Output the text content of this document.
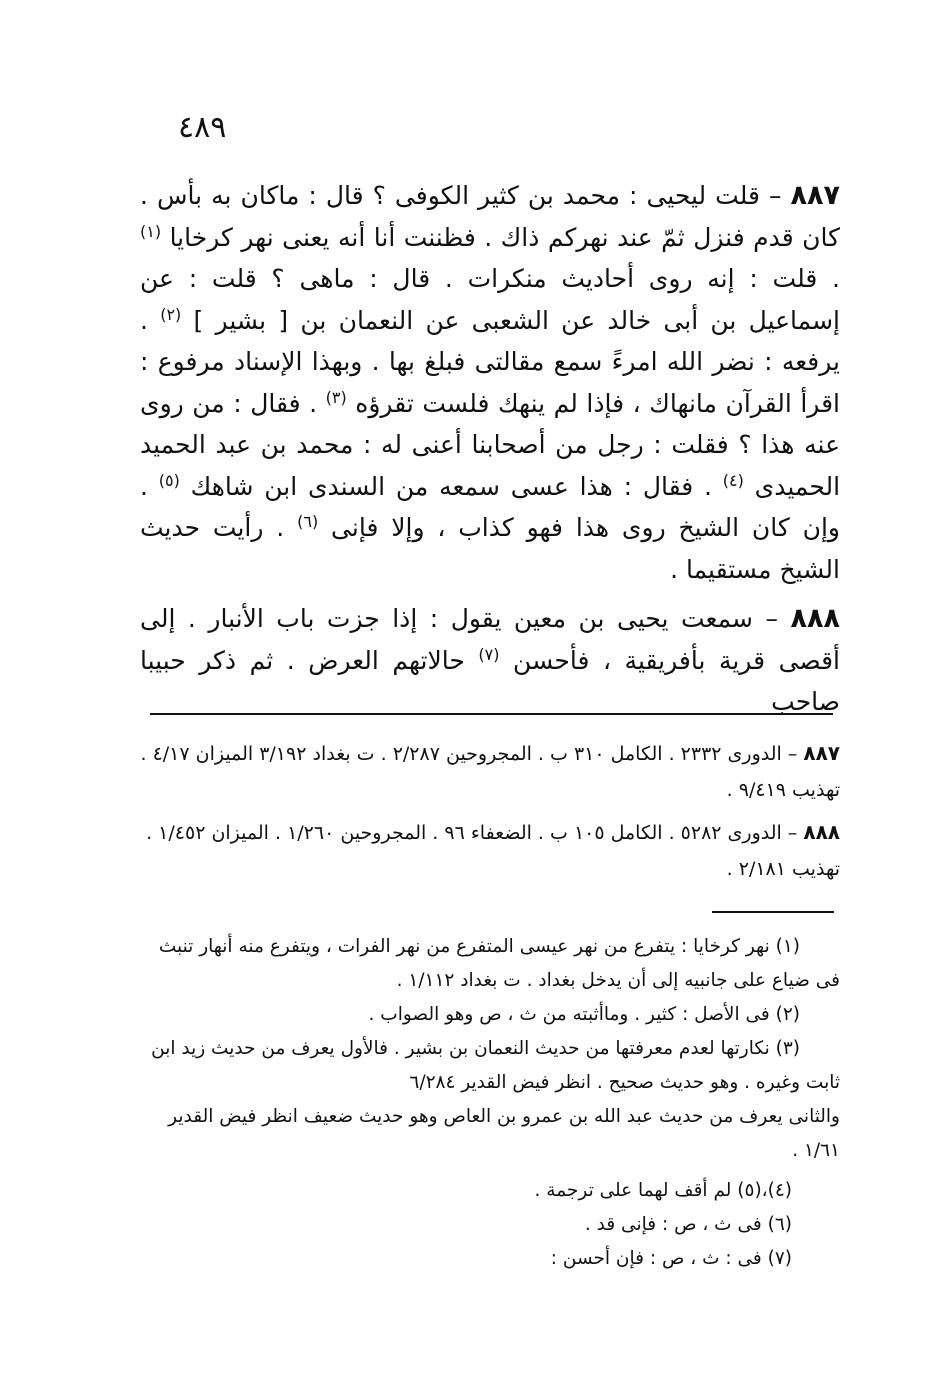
٤٨٩

٨٨٧ – قلت ليحيى : محمد بن كثير الكوفى ؟ قال : ماكان به بأس . كان قدم فنزل ثمّ عند نهركم ذاك . فظننت أنا أنه يعنى نهر كرخايا $^{(١)}$ . قلت : إنه روى أحاديث منكرات . قال : ماهى ؟ قلت : عن إسماعيل بن أبى خالد عن الشعبى عن النعمان بن [ بشير ] $^{(٢)}$ . يرفعه : نضر الله امرءً سمع مقالتى فبلغ بها . وبهذا الإسناد مرفوع : اقرأ القرآن مانهاك ، فإذا لم ينهك فلست تقرؤه $^{(٣)}$ . فقال : من روى عنه هذا ؟ فقلت : رجل من أصحابنا أعنى له : محمد بن عبد الحميد الحميدى $^{(٤)}$ . فقال : هذا عسى سمعه من السندى ابن شاهك $^{(٥)}$ . وإن كان الشيخ روى هذا فهو كذاب ، وإلا فإنى $^{(٦)}$ . رأيت حديث الشيخ مستقيما .

٨٨٨ – سمعت يحيى بن معين يقول : إذا جزت باب الأنبار . إلى أقصى قرية بأفريقية ، فأحسن $^{(٧)}$ حالاتهم العرض . ثم ذكر حبيبا صاحب

٨٨٧ – الدورى ٢٣٣٢ . الكامل ٣١٠ ب . المجروحين ٢/٢٨٧ . ت بغداد ٣/١٩٢ الميزان ٤/١٧ . تهذيب ٩/٤١٩ .

٨٨٨ – الدورى ٥٢٨٢ . الكامل ١٠٥ ب . الضعفاء ٩٦ . المجروحين ١/٢٦٠ . الميزان ١/٤٥٢ . تهذيب ٢/١٨١ .

(١) نهر كرخايا : يتفرع من نهر عيسى المتفرع من نهر الفرات ، ويتفرع منه أنهار تنبث فى ضياع على جانبيه إلى أن يدخل بغداد . ت بغداد ١/١١٢ .

(٢) فى الأصل : كثير . وماأثبته من ث ، ص وهو الصواب .

(٣) نكارتها لعدم معرفتها من حديث النعمان بن بشير . فالأول يعرف من حديث زيد ابن ثابت وغيره . وهو حديث صحيح . انظر فيض القدير ٦/٢٨٤

والثانى يعرف من حديث عبد الله بن عمرو بن العاص وهو حديث ضعيف انظر فيض القدير ١/٦١ .

(٤)،(٥) لم أقف لهما على ترجمة .

(٦) فى ث ، ص : فإنى قد .

(٧) فى : ث ، ص : فإن أحسن :
